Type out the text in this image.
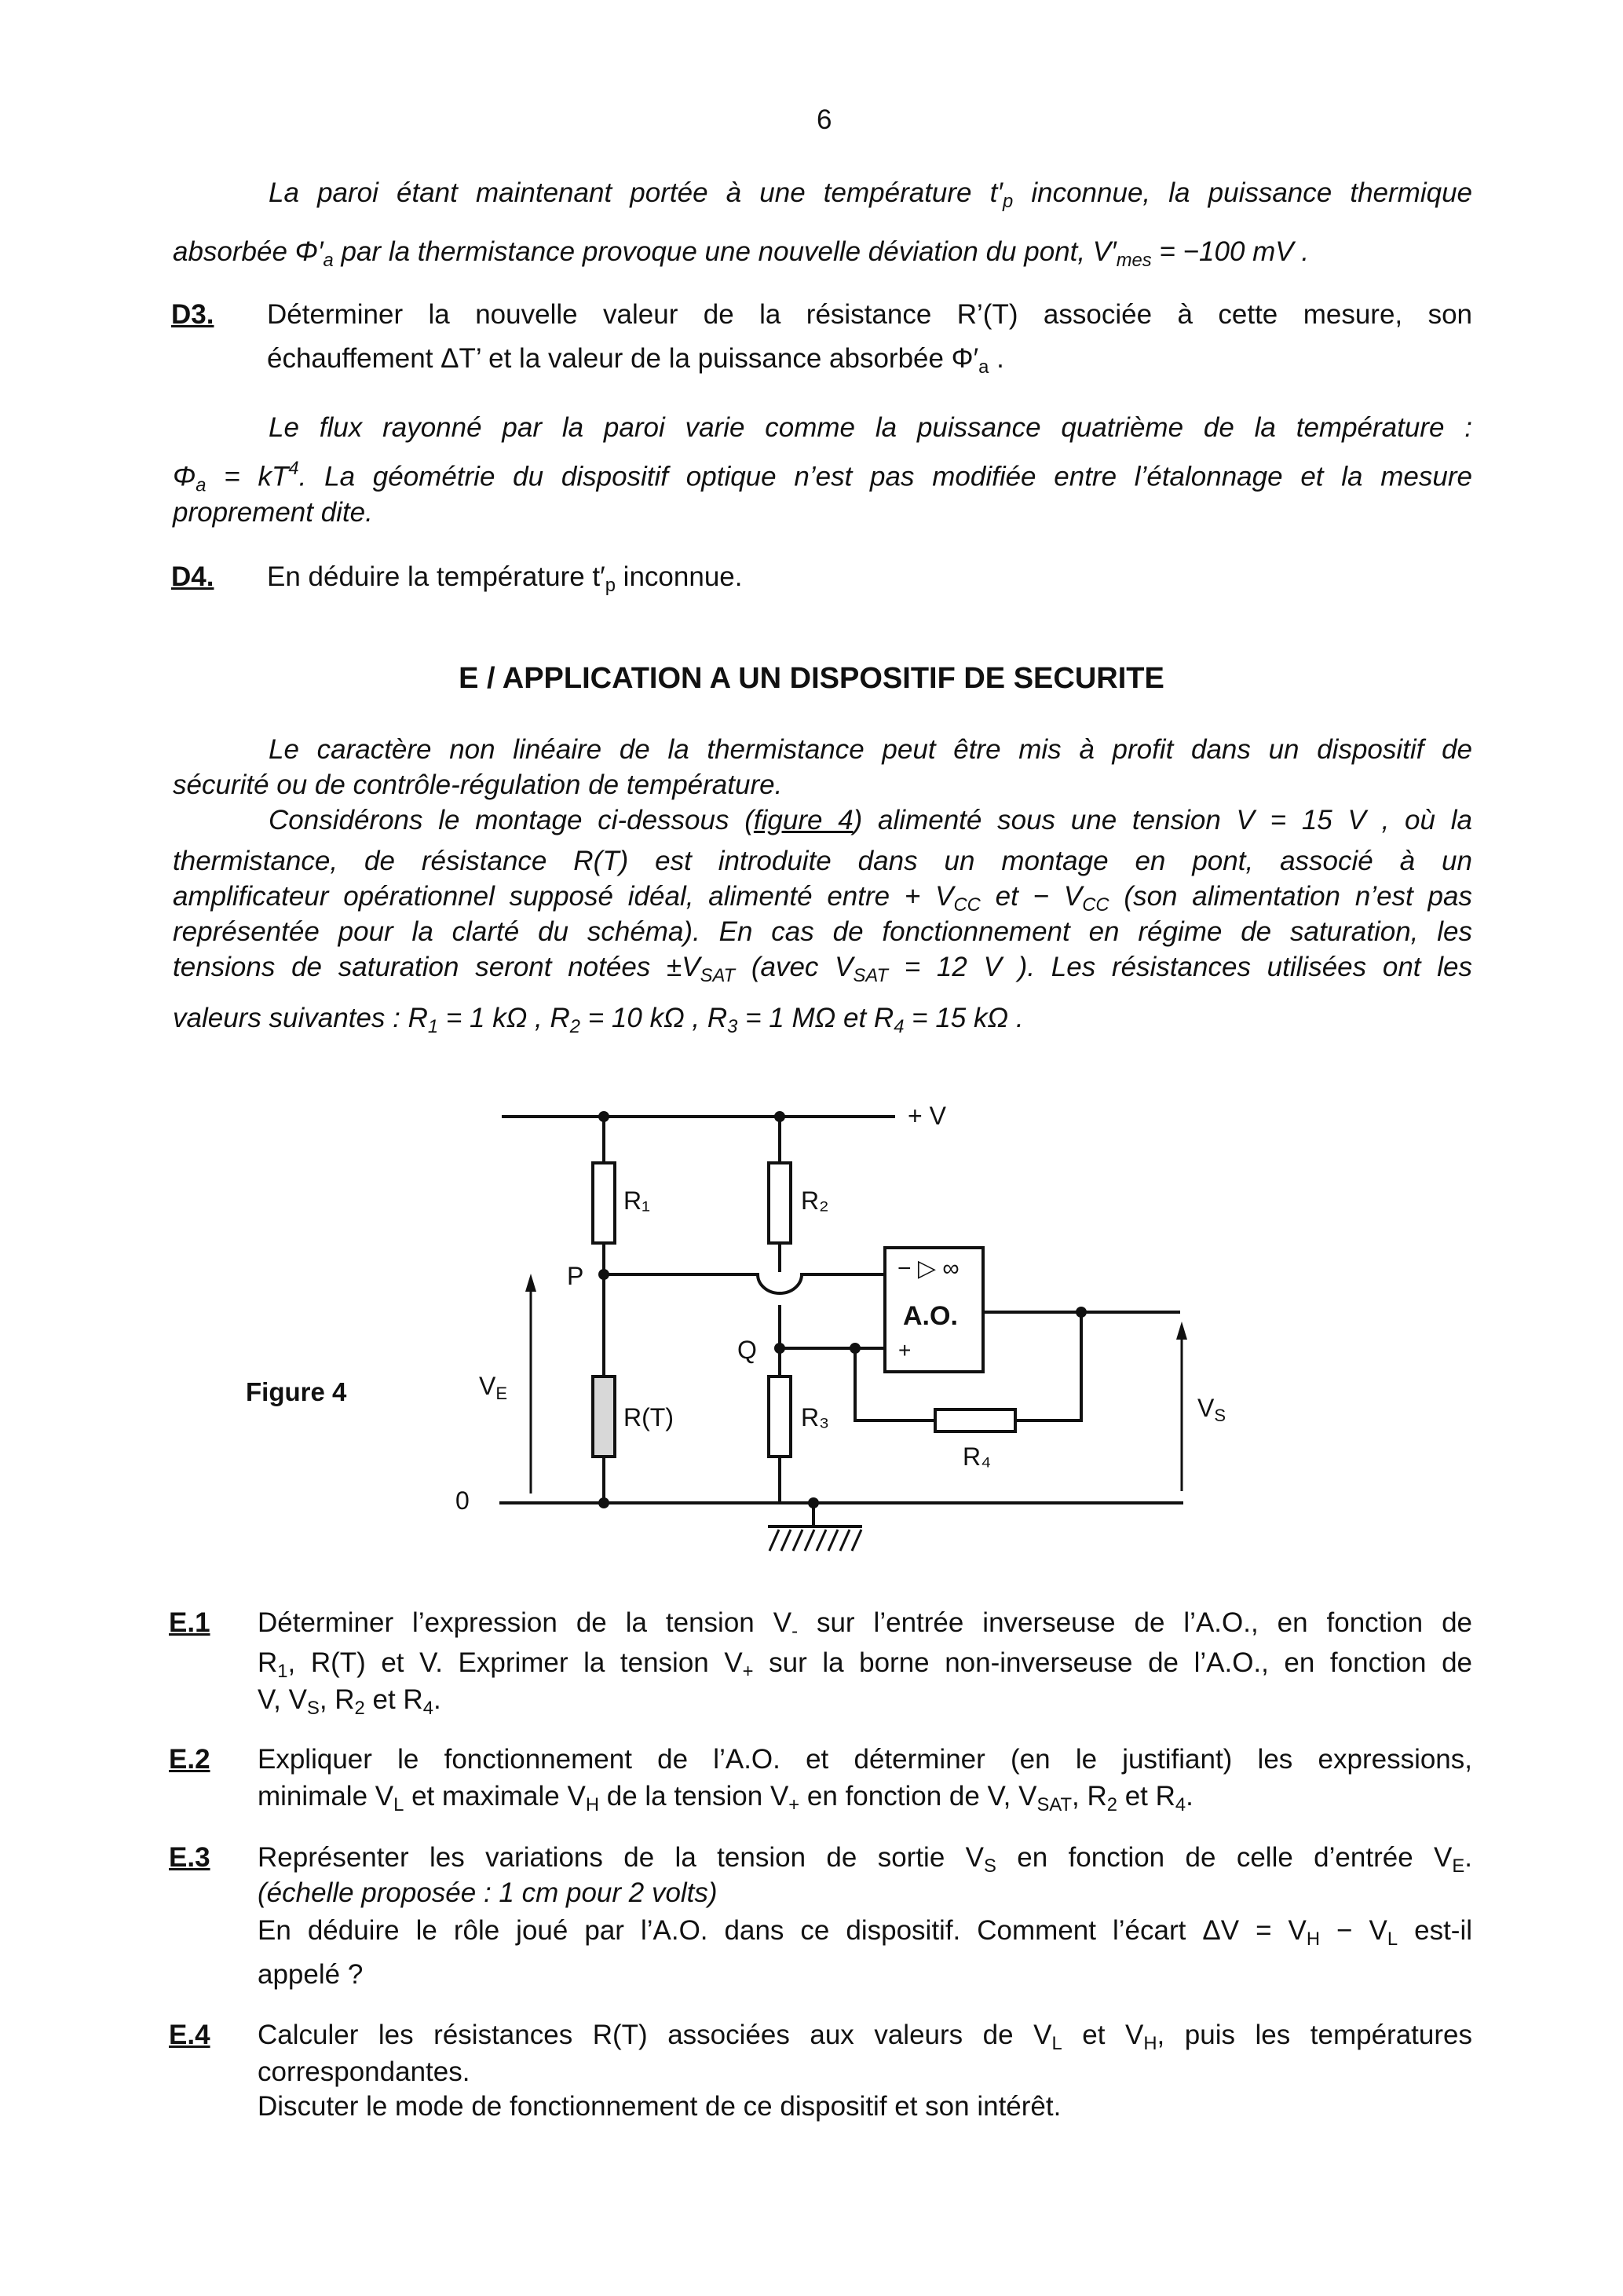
6
La paroi étant maintenant portée à une température $t'_p$ inconnue, la puissance thermique
absorbée $\Phi'_a$ par la thermistance provoque une nouvelle déviation du pont, $V'_{mes} = -100$ mV .
D3. Déterminer la nouvelle valeur de la résistance R’(T) associée à cette mesure, son
échauffement ΔT’ et la valeur de la puissance absorbée $\Phi'_a$ .
Le flux rayonné par la paroi varie comme la puissance quatrième de la température :
$\Phi_a = kT^4$. La géométrie du dispositif optique n’est pas modifiée entre l’étalonnage et la mesure
proprement dite.
D4. En déduire la température $t'_p$ inconnue.
E / APPLICATION A UN DISPOSITIF DE SECURITE
Le caractère non linéaire de la thermistance peut être mis à profit dans un dispositif de
sécurité ou de contrôle-régulation de température.
Considérons le montage ci-dessous (figure 4) alimenté sous une tension V = 15 V , où la
thermistance, de résistance R(T) est introduite dans un montage en pont, associé à un
amplificateur opérationnel supposé idéal, alimenté entre + $V_{CC}$ et − $V_{CC}$ (son alimentation n’est pas
représentée pour la clarté du schéma). En cas de fonctionnement en régime de saturation, les
tensions de saturation seront notées $\pm V_{SAT}$ (avec $V_{SAT} = 12$ V ). Les résistances utilisées ont les
valeurs suivantes : $R_1 = 1$ kΩ , $R_2 = 10$ kΩ , $R_3 = 1$ MΩ et $R_4 = 15$ kΩ .
Figure 4
+ V
R₁	R₂
R(T)	R₃
R₄
P
Q
VE
VS
0
− ▷ ∞
A.O.
+
E.1 Déterminer l’expression de la tension $V_-$ sur l’entrée inverseuse de l’A.O., en fonction de
$R_1$, R(T) et V. Exprimer la tension $V_+$ sur la borne non-inverseuse de l’A.O., en fonction de
V, $V_S$, $R_2$ et $R_4$.
E.2 Expliquer le fonctionnement de l’A.O. et déterminer (en le justifiant) les expressions,
minimale $V_L$ et maximale $V_H$ de la tension $V_+$ en fonction de V, $V_{SAT}$, $R_2$ et $R_4$.
E.3 Représenter les variations de la tension de sortie $V_S$ en fonction de celle d’entrée $V_E$.
(échelle proposée : 1 cm pour 2 volts)
En déduire le rôle joué par l’A.O. dans ce dispositif. Comment l’écart $\Delta V = V_H - V_L$ est-il
appelé ?
E.4 Calculer les résistances R(T) associées aux valeurs de $V_L$ et $V_H$, puis les températures
correspondantes.
Discuter le mode de fonctionnement de ce dispositif et son intérêt.
